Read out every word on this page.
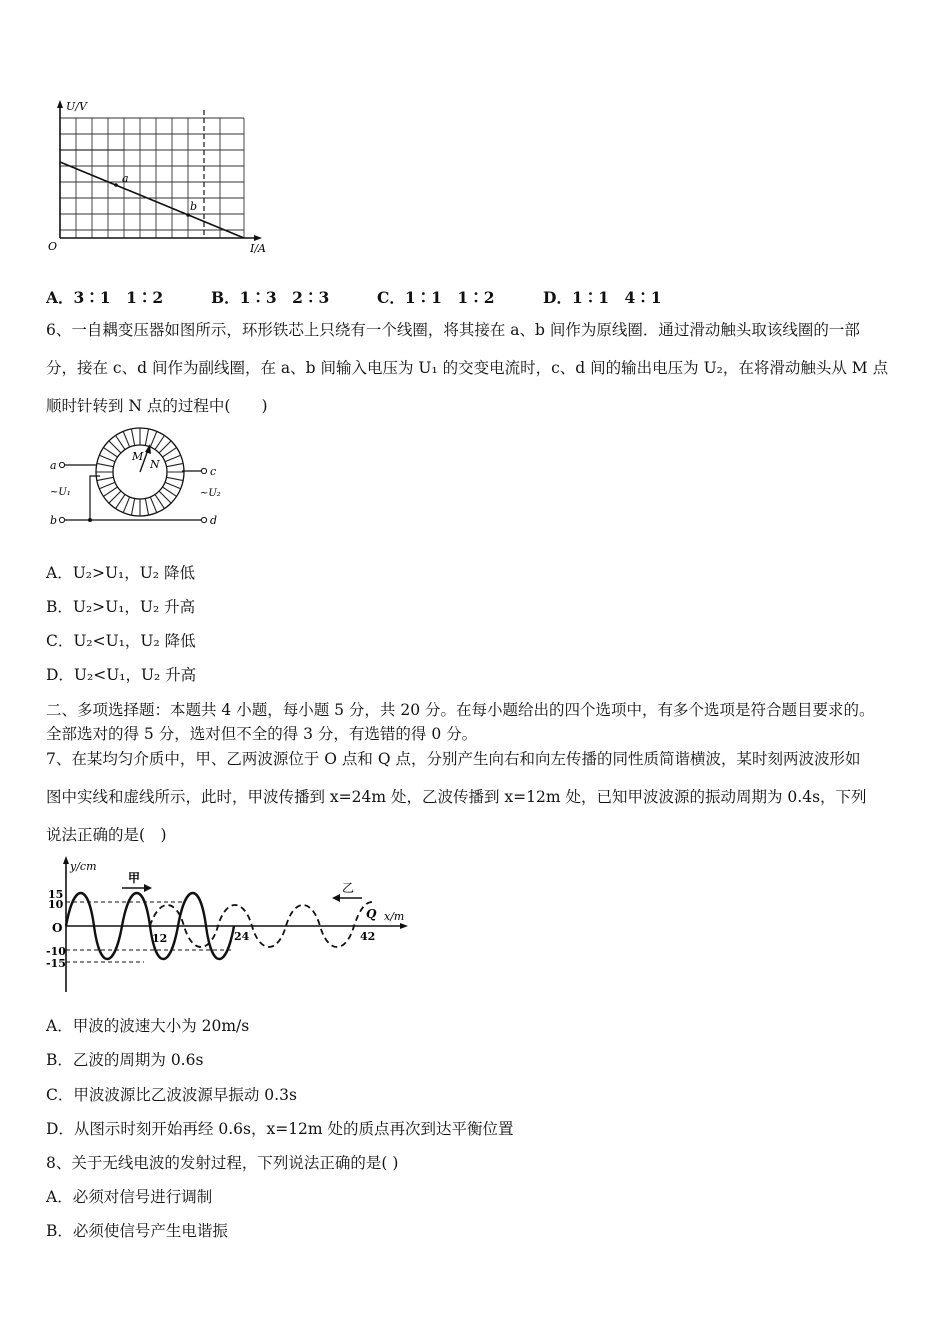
U/V
I/A
O
a
b
A．3∶1　1∶2	B．1∶3　2∶3	C．1∶1　1∶2	D．1∶1　4∶1
6、一自耦变压器如图所示，环形铁芯上只绕有一个线圈，将其接在 a、b 间作为原线圈．通过滑动触头取该线圈的一部
分，接在 c、d 间作为副线圈，在 a、b 间输入电压为 U₁ 的交变电流时，c、d 间的输出电压为 U₂，在将滑动触头从 M 点
顺时针转到 N 点的过程中(　　)
M
N
a
b
c
d
~U₁	~U₂
A．U₂>U₁，U₂ 降低
B．U₂>U₁，U₂ 升高
C．U₂<U₁，U₂ 降低
D．U₂<U₁，U₂ 升高
二、多项选择题：本题共 4 小题，每小题 5 分，共 20 分。在每小题给出的四个选项中，有多个选项是符合题目要求的。
全部选对的得 5 分，选对但不全的得 3 分，有选错的得 0 分。
7、在某均匀介质中，甲、乙两波源位于 O 点和 Q 点，分别产生向右和向左传播的同性质简谐横波，某时刻两波波形如
图中实线和虚线所示，此时，甲波传播到 x=24m 处，乙波传播到 x=12m 处，已知甲波波源的振动周期为 0.4s，下列
说法正确的是(　)
y/cm
x/m
甲
乙
Q
O
15
10
-10
-15
12	24	42
A．甲波的波速大小为 20m/s
B．乙波的周期为 0.6s
C．甲波波源比乙波波源早振动 0.3s
D．从图示时刻开始再经 0.6s，x=12m 处的质点再次到达平衡位置
8、关于无线电波的发射过程，下列说法正确的是( )
A．必须对信号进行调制
B．必须使信号产生电谐振
